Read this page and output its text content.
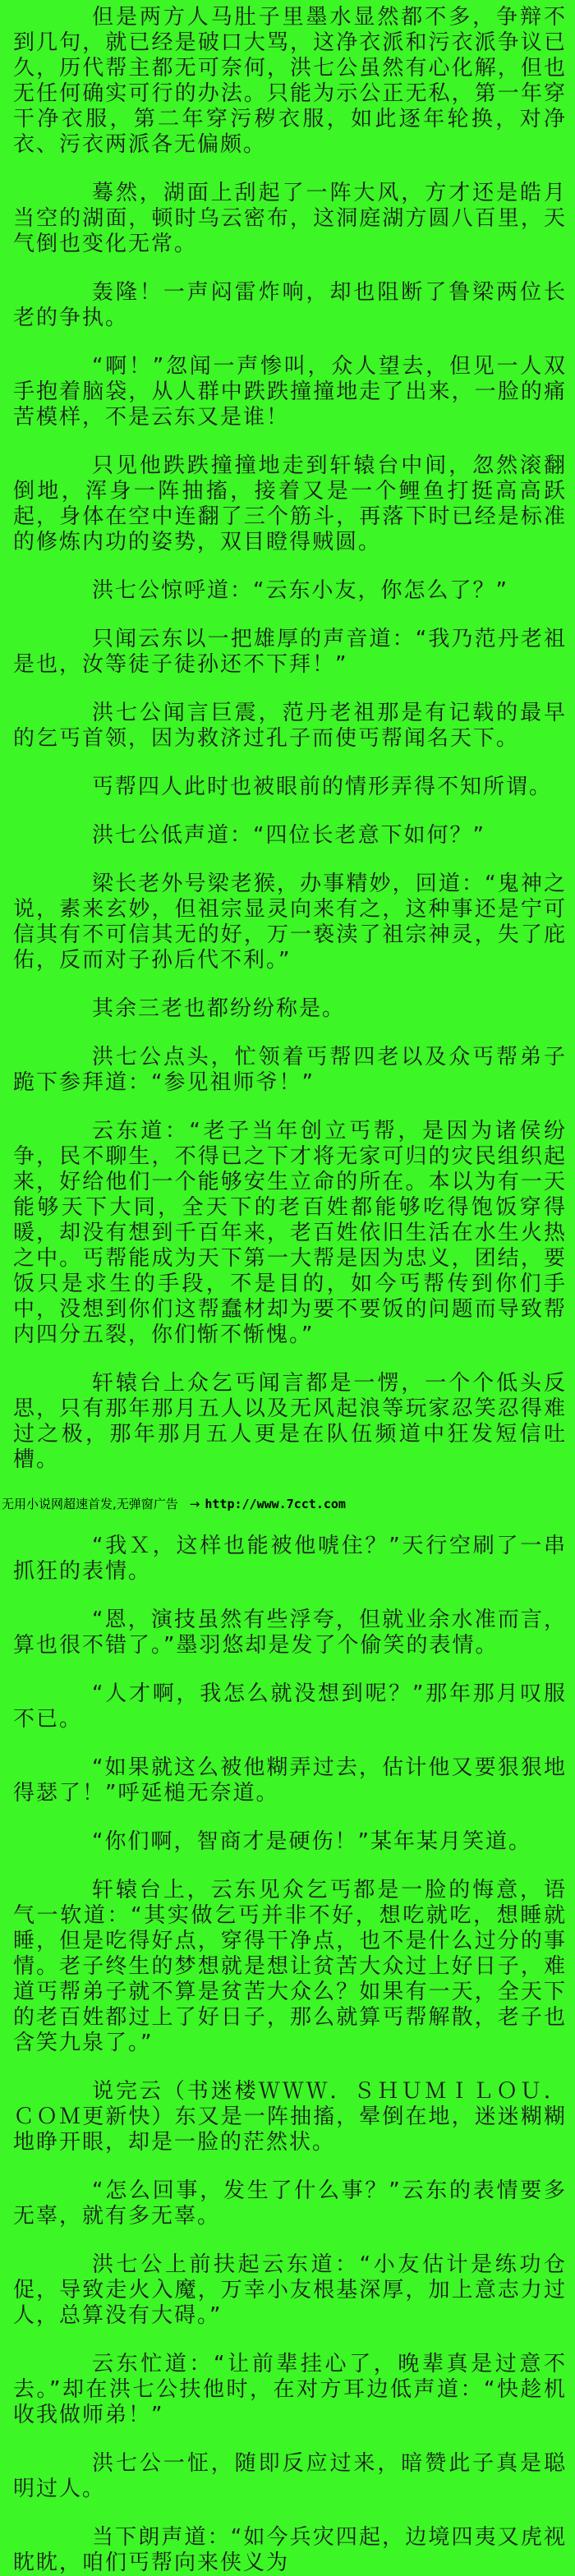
但是两方人马肚子里墨水显然都不多，争辩不到几句，就已经是破口大骂，这净衣派和污衣派争议已久，历代帮主都无可奈何，洪七公虽然有心化解，但也无任何确实可行的办法。只能为示公正无私，第一年穿干净衣服，第二年穿污秽衣服，如此逐年轮换，对净衣、污衣两派各无偏颇。

蓦然，湖面上刮起了一阵大风，方才还是皓月当空的湖面，顿时乌云密布，这洞庭湖方圆八百里，天气倒也变化无常。

轰隆！一声闷雷炸响，却也阻断了鲁梁两位长老的争执。

“啊！”忽闻一声惨叫，众人望去，但见一人双手抱着脑袋，从人群中跌跌撞撞地走了出来，一脸的痛苦模样，不是云东又是谁！

只见他跌跌撞撞地走到轩辕台中间，忽然滚翻倒地，浑身一阵抽搐，接着又是一个鲤鱼打挺高高跃起，身体在空中连翻了三个筋斗，再落下时已经是标准的修炼内功的姿势，双目瞪得贼圆。

洪七公惊呼道：“云东小友，你怎么了？”

只闻云东以一把雄厚的声音道：“我乃范丹老祖是也，汝等徒子徒孙还不下拜！”

洪七公闻言巨震，范丹老祖那是有记载的最早的乞丐首领，因为救济过孔子而使丐帮闻名天下。

丐帮四人此时也被眼前的情形弄得不知所谓。

洪七公低声道：“四位长老意下如何？”

梁长老外号梁老猴，办事精妙，回道：“鬼神之说，素来玄妙，但祖宗显灵向来有之，这种事还是宁可信其有不可信其无的好，万一亵渎了祖宗神灵，失了庇佑，反而对子孙后代不利。”

其余三老也都纷纷称是。

洪七公点头，忙领着丐帮四老以及众丐帮弟子跪下参拜道：“参见祖师爷！”

云东道：“老子当年创立丐帮，是因为诸侯纷争，民不聊生，不得已之下才将无家可归的灾民组织起来，好给他们一个能够安生立命的所在。本以为有一天能够天下大同，全天下的老百姓都能够吃得饱饭穿得暖，却没有想到千百年来，老百姓依旧生活在水生火热之中。丐帮能成为天下第一大帮是因为忠义，团结，要饭只是求生的手段，不是目的，如今丐帮传到你们手中，没想到你们这帮蠢材却为要不要饭的问题而导致帮内四分五裂，你们惭不惭愧。”

轩辕台上众乞丐闻言都是一愣，一个个低头反思，只有那年那月五人以及无风起浪等玩家忍笑忍得难过之极，那年那月五人更是在队伍频道中狂发短信吐槽。

无用小说网超速首发,无弹窗广告 → http://www.7cct.com

“我Ｘ，这样也能被他唬住？”天行空刷了一串抓狂的表情。

“恩，演技虽然有些浮夸，但就业余水准而言，算也很不错了。”墨羽悠却是发了个偷笑的表情。

“人才啊，我怎么就没想到呢？”那年那月叹服不已。

“如果就这么被他糊弄过去，估计他又要狠狠地得瑟了！”呼延槌无奈道。

“你们啊，智商才是硬伤！”某年某月笑道。

轩辕台上，云东见众乞丐都是一脸的悔意，语气一软道：“其实做乞丐并非不好，想吃就吃，想睡就睡，但是吃得好点，穿得干净点，也不是什么过分的事情。老子终生的梦想就是想让贫苦大众过上好日子，难道丐帮弟子就不算是贫苦大众么？如果有一天，全天下的老百姓都过上了好日子，那么就算丐帮解散，老子也含笑九泉了。”

说完云（书迷楼ＷＷＷ．ＳＨＵＭＩＬＯＵ．ＣＯＭ更新快）东又是一阵抽搐，晕倒在地，迷迷糊糊地睁开眼，却是一脸的茫然状。

“怎么回事，发生了什么事？”云东的表情要多无辜，就有多无辜。

洪七公上前扶起云东道：“小友估计是练功仓促，导致走火入魔，万幸小友根基深厚，加上意志力过人，总算没有大碍。”

云东忙道：“让前辈挂心了，晚辈真是过意不去。”却在洪七公扶他时，在对方耳边低声道：“快趁机收我做师弟！”

洪七公一怔，随即反应过来，暗赞此子真是聪明过人。

当下朗声道：“如今兵灾四起，边境四夷又虎视眈眈，咱们丐帮向来侠义为
